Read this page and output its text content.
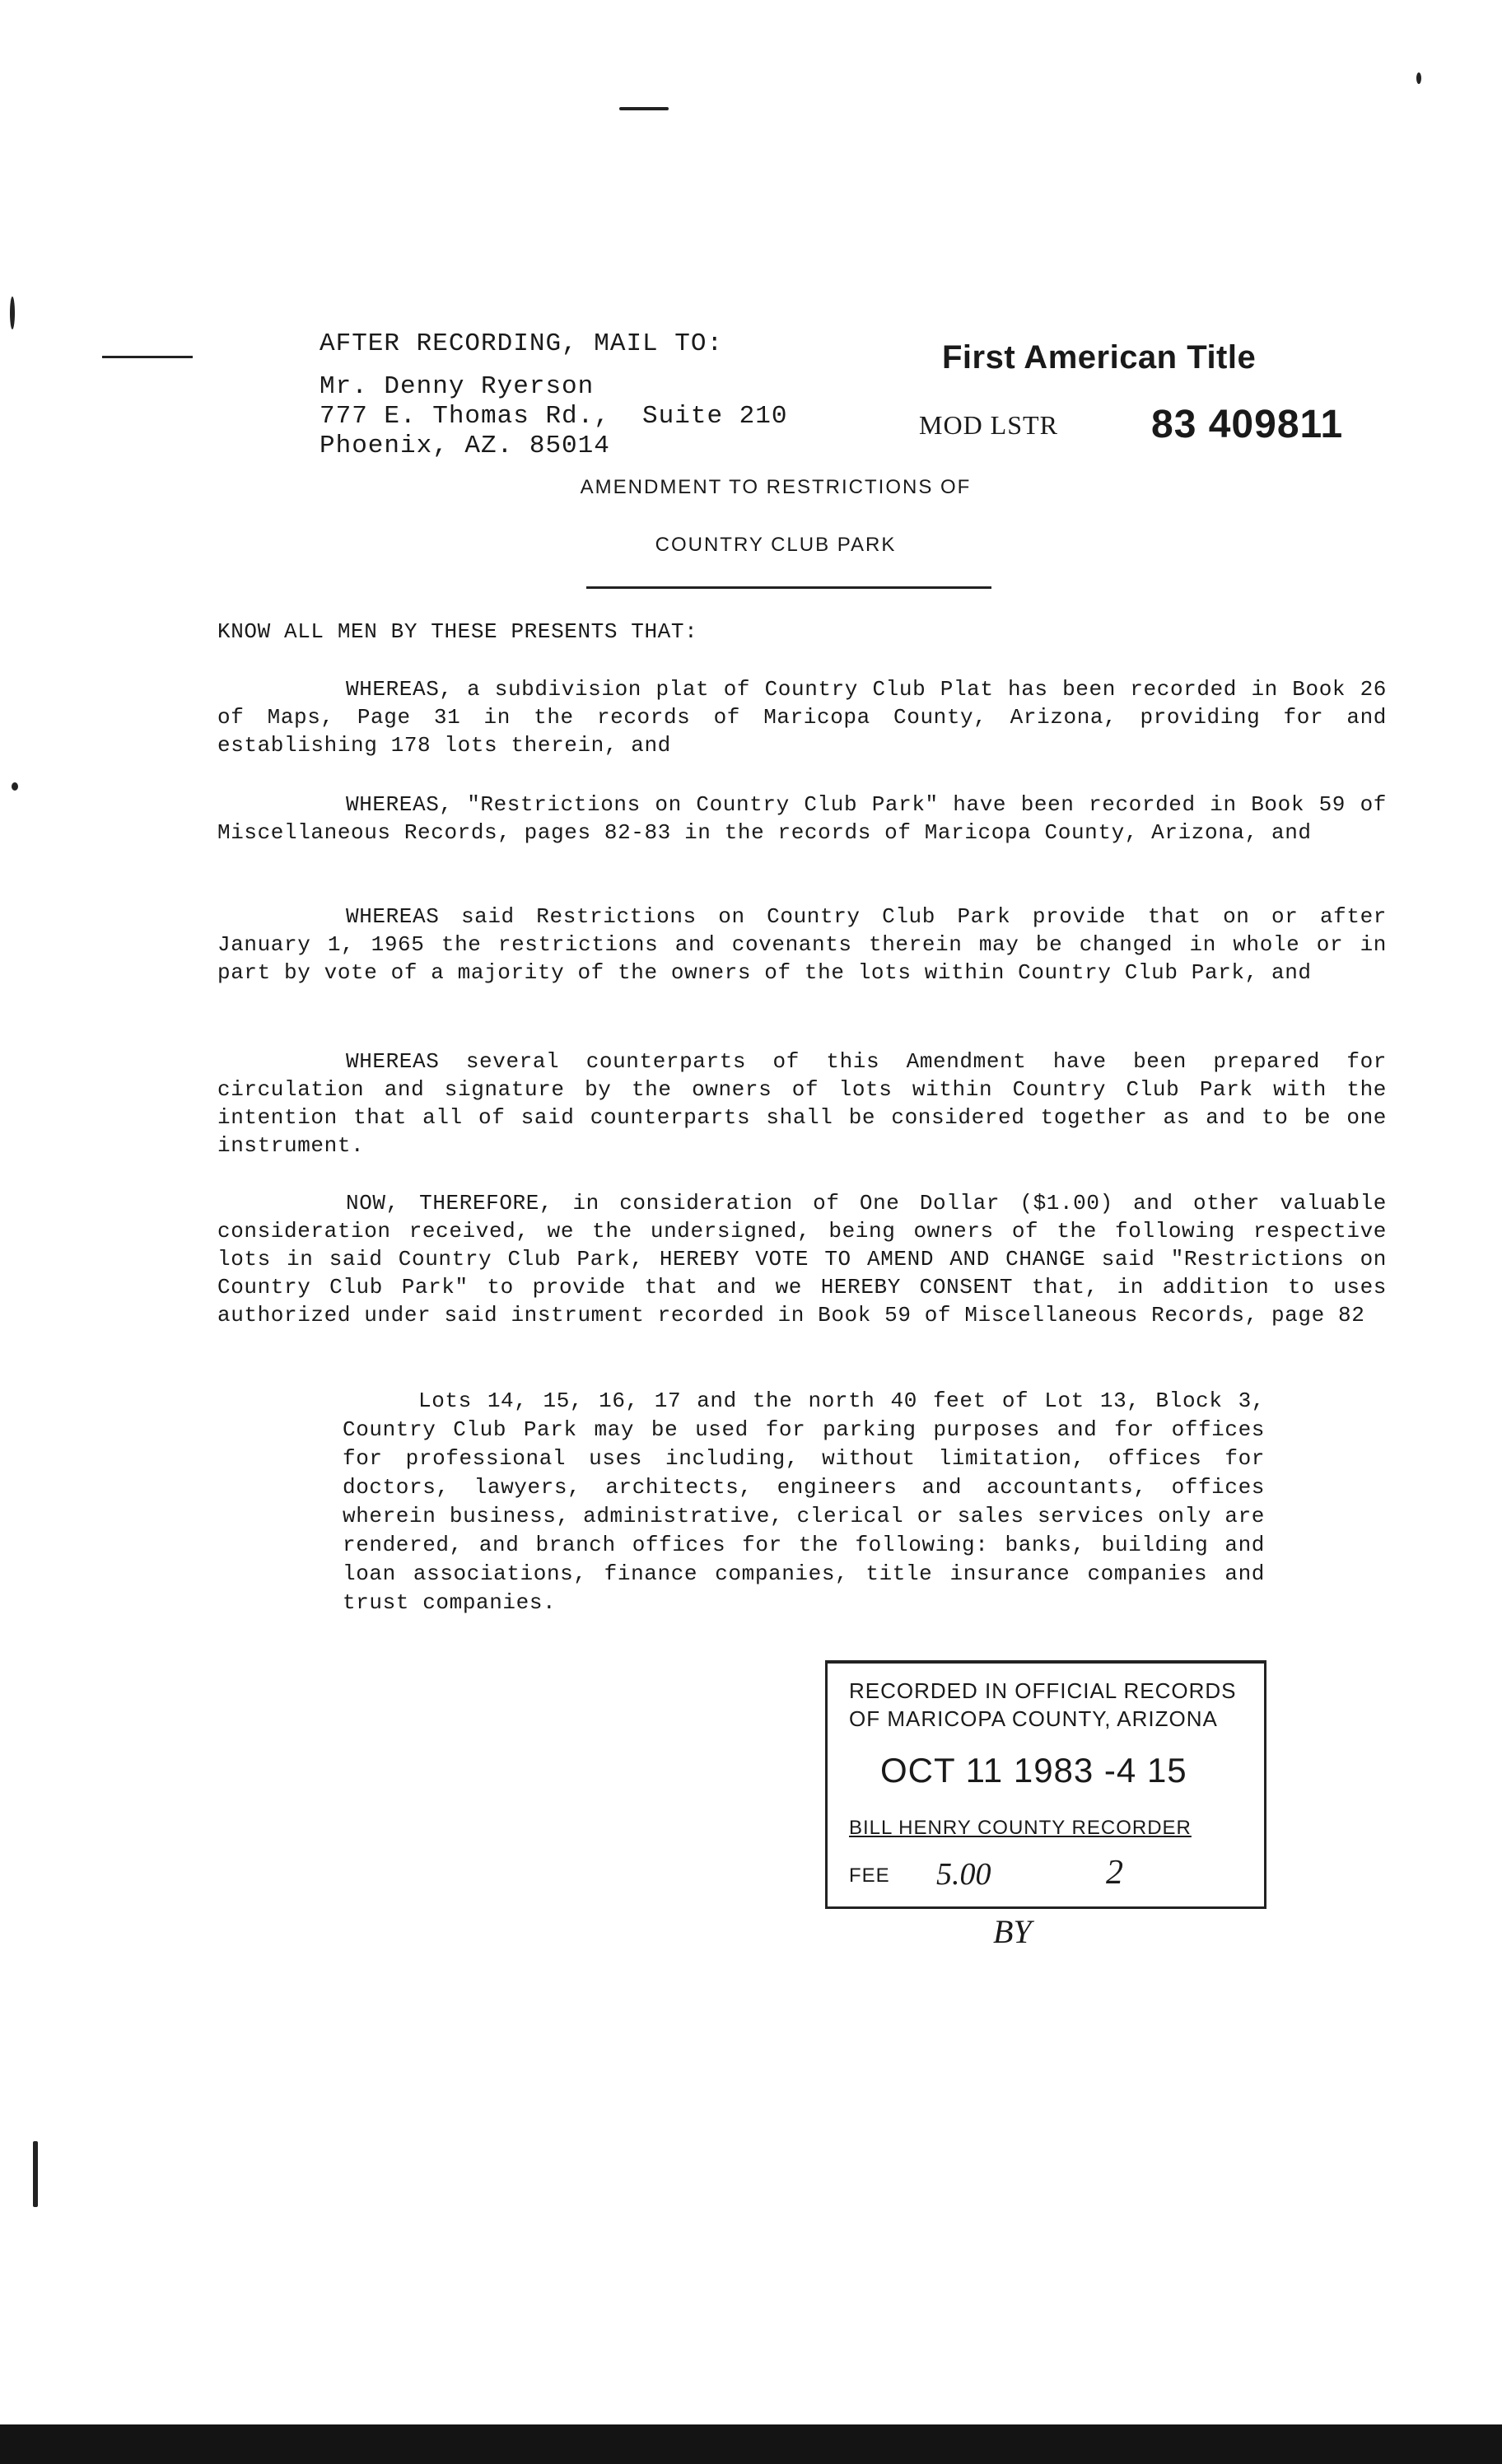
AFTER RECORDING, MAIL TO:
Mr. Denny Ryerson
777 E. Thomas Rd.,  Suite 210
Phoenix, AZ. 85014
First American Title
MOD LSTR 83 409811
AMENDMENT TO RESTRICTIONS OF
COUNTRY CLUB PARK
KNOW ALL MEN BY THESE PRESENTS THAT:
WHEREAS, a subdivision plat of Country Club Plat has been recorded in Book 26 of Maps, Page 31 in the records of Maricopa County, Arizona, providing for and establishing 178 lots therein, and
WHEREAS, "Restrictions on Country Club Park" have been recorded in Book 59 of Miscellaneous Records, pages 82-83 in the records of Maricopa County, Arizona, and
WHEREAS said Restrictions on Country Club Park provide that on or after January 1, 1965 the restrictions and covenants therein may be changed in whole or in part by vote of a majority of the owners of the lots within Country Club Park, and
WHEREAS several counterparts of this Amendment have been prepared for circulation and signature by the owners of lots within Country Club Park with the intention that all of said counterparts shall be considered together as and to be one instrument.
NOW, THEREFORE, in consideration of One Dollar ($1.00) and other valuable consideration received, we the undersigned, being owners of the following respective lots in said Country Club Park, HEREBY VOTE TO AMEND AND CHANGE said "Restrictions on Country Club Park" to provide that and we HEREBY CONSENT that, in addition to uses authorized under said instrument recorded in Book 59 of Miscellaneous Records, page 82
Lots 14, 15, 16, 17 and the north 40 feet of Lot 13, Block 3, Country Club Park may be used for parking purposes and for offices for professional uses including, without limitation, offices for doctors, lawyers, architects, engineers and accountants, offices wherein business, administrative, clerical or sales services only are rendered, and branch offices for the following: banks, building and loan associations, finance companies, title insurance companies and trust companies.
RECORDED IN OFFICIAL RECORDS
OF MARICOPA COUNTY, ARIZONA
OCT 11 1983 -4 15
BILL HENRY COUNTY RECORDER
FEE 5.00	2
BY
